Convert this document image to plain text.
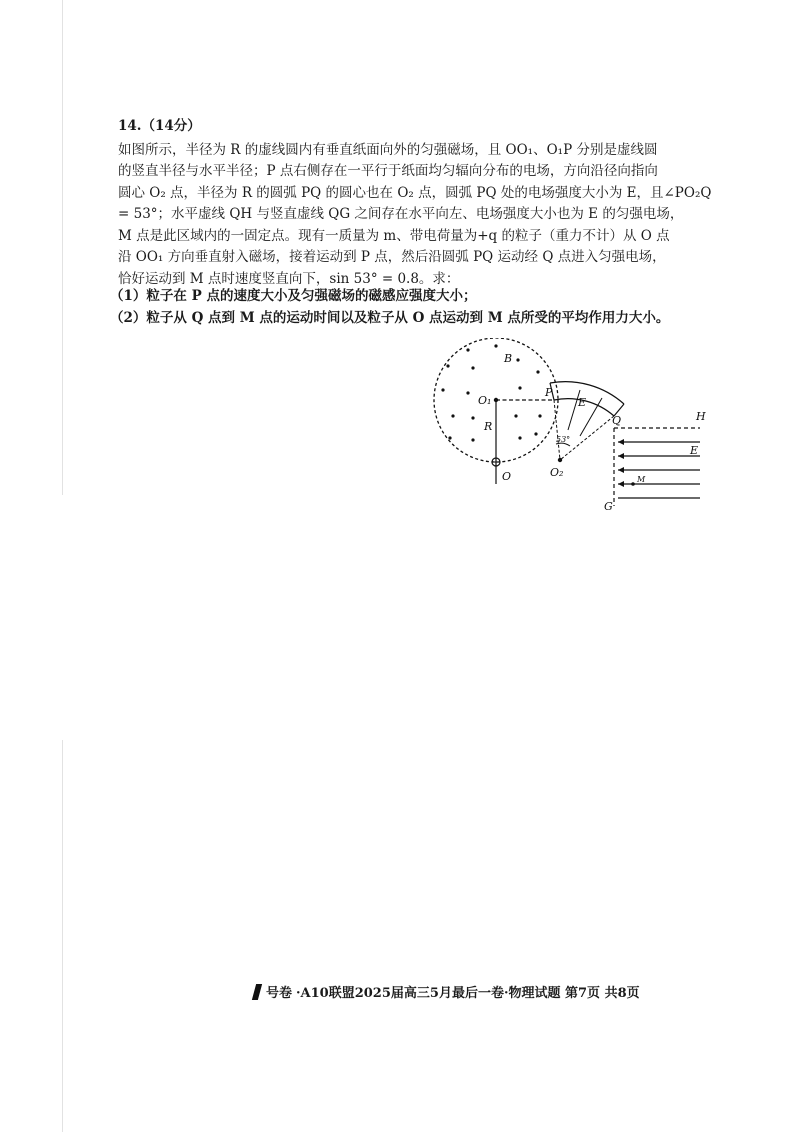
14.（14分）
如图所示，半径为 R 的虚线圆内有垂直纸面向外的匀强磁场，且 OO₁、O₁P 分别是虚线圆
的竖直半径与水平半径；P 点右侧存在一平行于纸面均匀辐向分布的电场，方向沿径向指向
圆心 O₂ 点，半径为 R 的圆弧 PQ 的圆心也在 O₂ 点，圆弧 PQ 处的电场强度大小为 E，且∠PO₂Q
= 53°；水平虚线 QH 与竖直虚线 QG 之间存在水平向左、电场强度大小也为 E 的匀强电场，
M 点是此区域内的一固定点。现有一质量为 m、带电荷量为+q 的粒子（重力不计）从 O 点
沿 OO₁ 方向垂直射入磁场，接着运动到 P 点，然后沿圆弧 PQ 运动经 Q 点进入匀强电场，
恰好运动到 M 点时速度竖直向下，sin 53° = 0.8。求：
（1）粒子在 P 点的速度大小及匀强磁场的磁感应强度大小；
（2）粒子从 Q 点到 M 点的运动时间以及粒子从 O 点运动到 M 点所受的平均作用力大小。
B
O₁
P
E
R	Q	H
E
O	O₂
G
M
53°
号卷 ·A10联盟2025届高三5月最后一卷·物理试题 第7页 共8页
